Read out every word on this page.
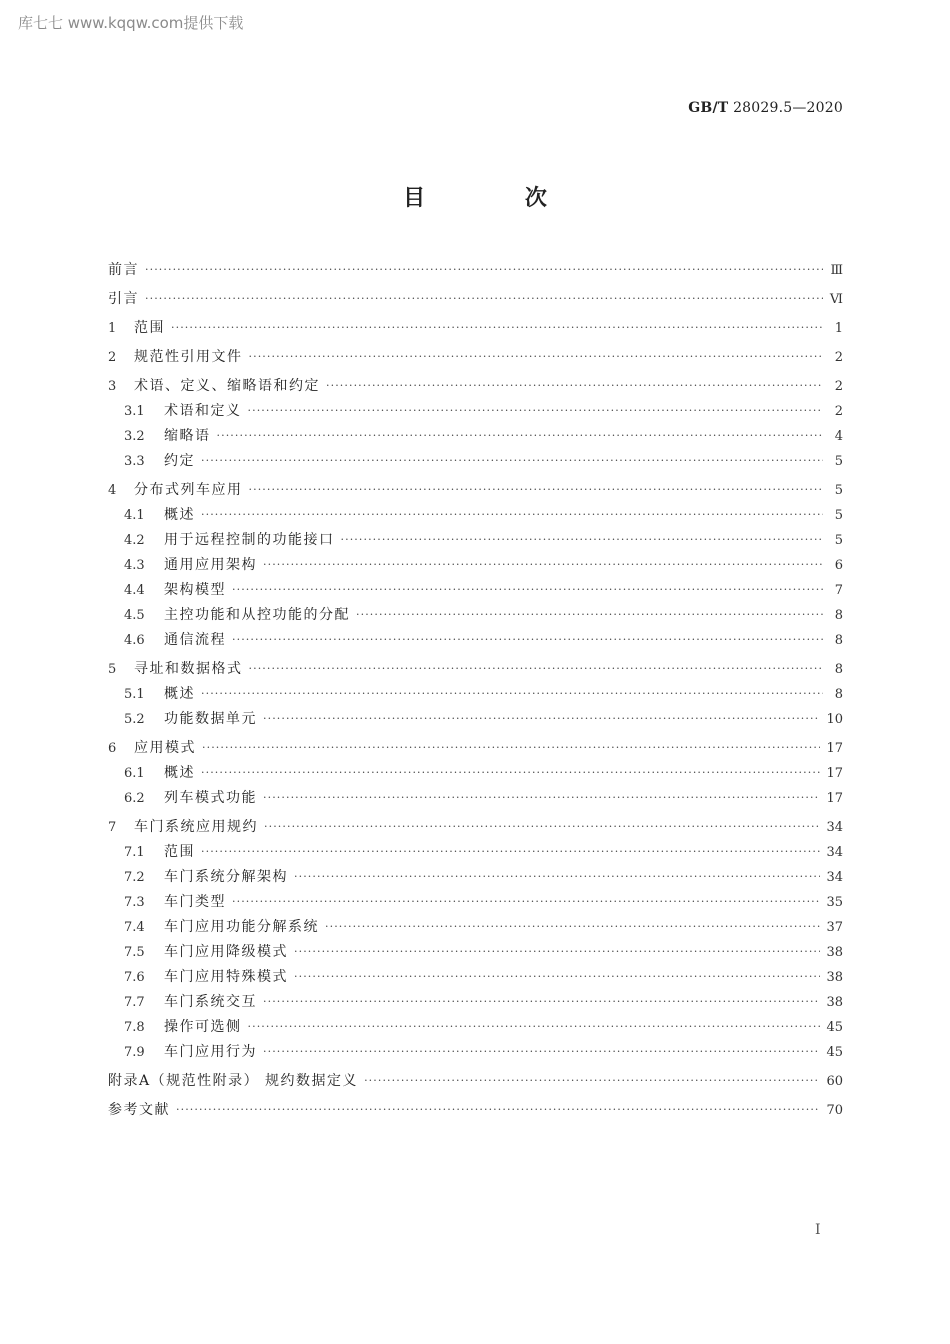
库七七 www.kqqw.com提供下载
GB/T 28029.5—2020
目 次
前言 ·····	Ⅲ
引言 ·····	Ⅵ
1	范围 ·····	1
2	规范性引用文件 ·····	2
3	术语、定义、缩略语和约定 ·····	2
3.1	术语和定义 ·····	2
3.2	缩略语 ·····	4
3.3	约定 ·····	5
4	分布式列车应用 ·····	5
4.1	概述 ·····	5
4.2	用于远程控制的功能接口 ·····	5
4.3	通用应用架构 ·····	6
4.4	架构模型 ·····	7
4.5	主控功能和从控功能的分配 ·····	8
4.6	通信流程 ·····	8
5	寻址和数据格式 ·····	8
5.1	概述 ·····	8
5.2	功能数据单元 ·····	10
6	应用模式 ·····	17
6.1	概述 ·····	17
6.2	列车模式功能 ·····	17
7	车门系统应用规约 ·····	34
7.1	范围 ·····	34
7.2	车门系统分解架构 ·····	34
7.3	车门类型 ·····	35
7.4	车门应用功能分解系统 ·····	37
7.5	车门应用降级模式 ·····	38
7.6	车门应用特殊模式 ·····	38
7.7	车门系统交互 ·····	38
7.8	操作可选侧 ·····	45
7.9	车门应用行为 ·····	45
附录A（规范性附录） 规约数据定义 ·····	60
参考文献 ·····	70
I
